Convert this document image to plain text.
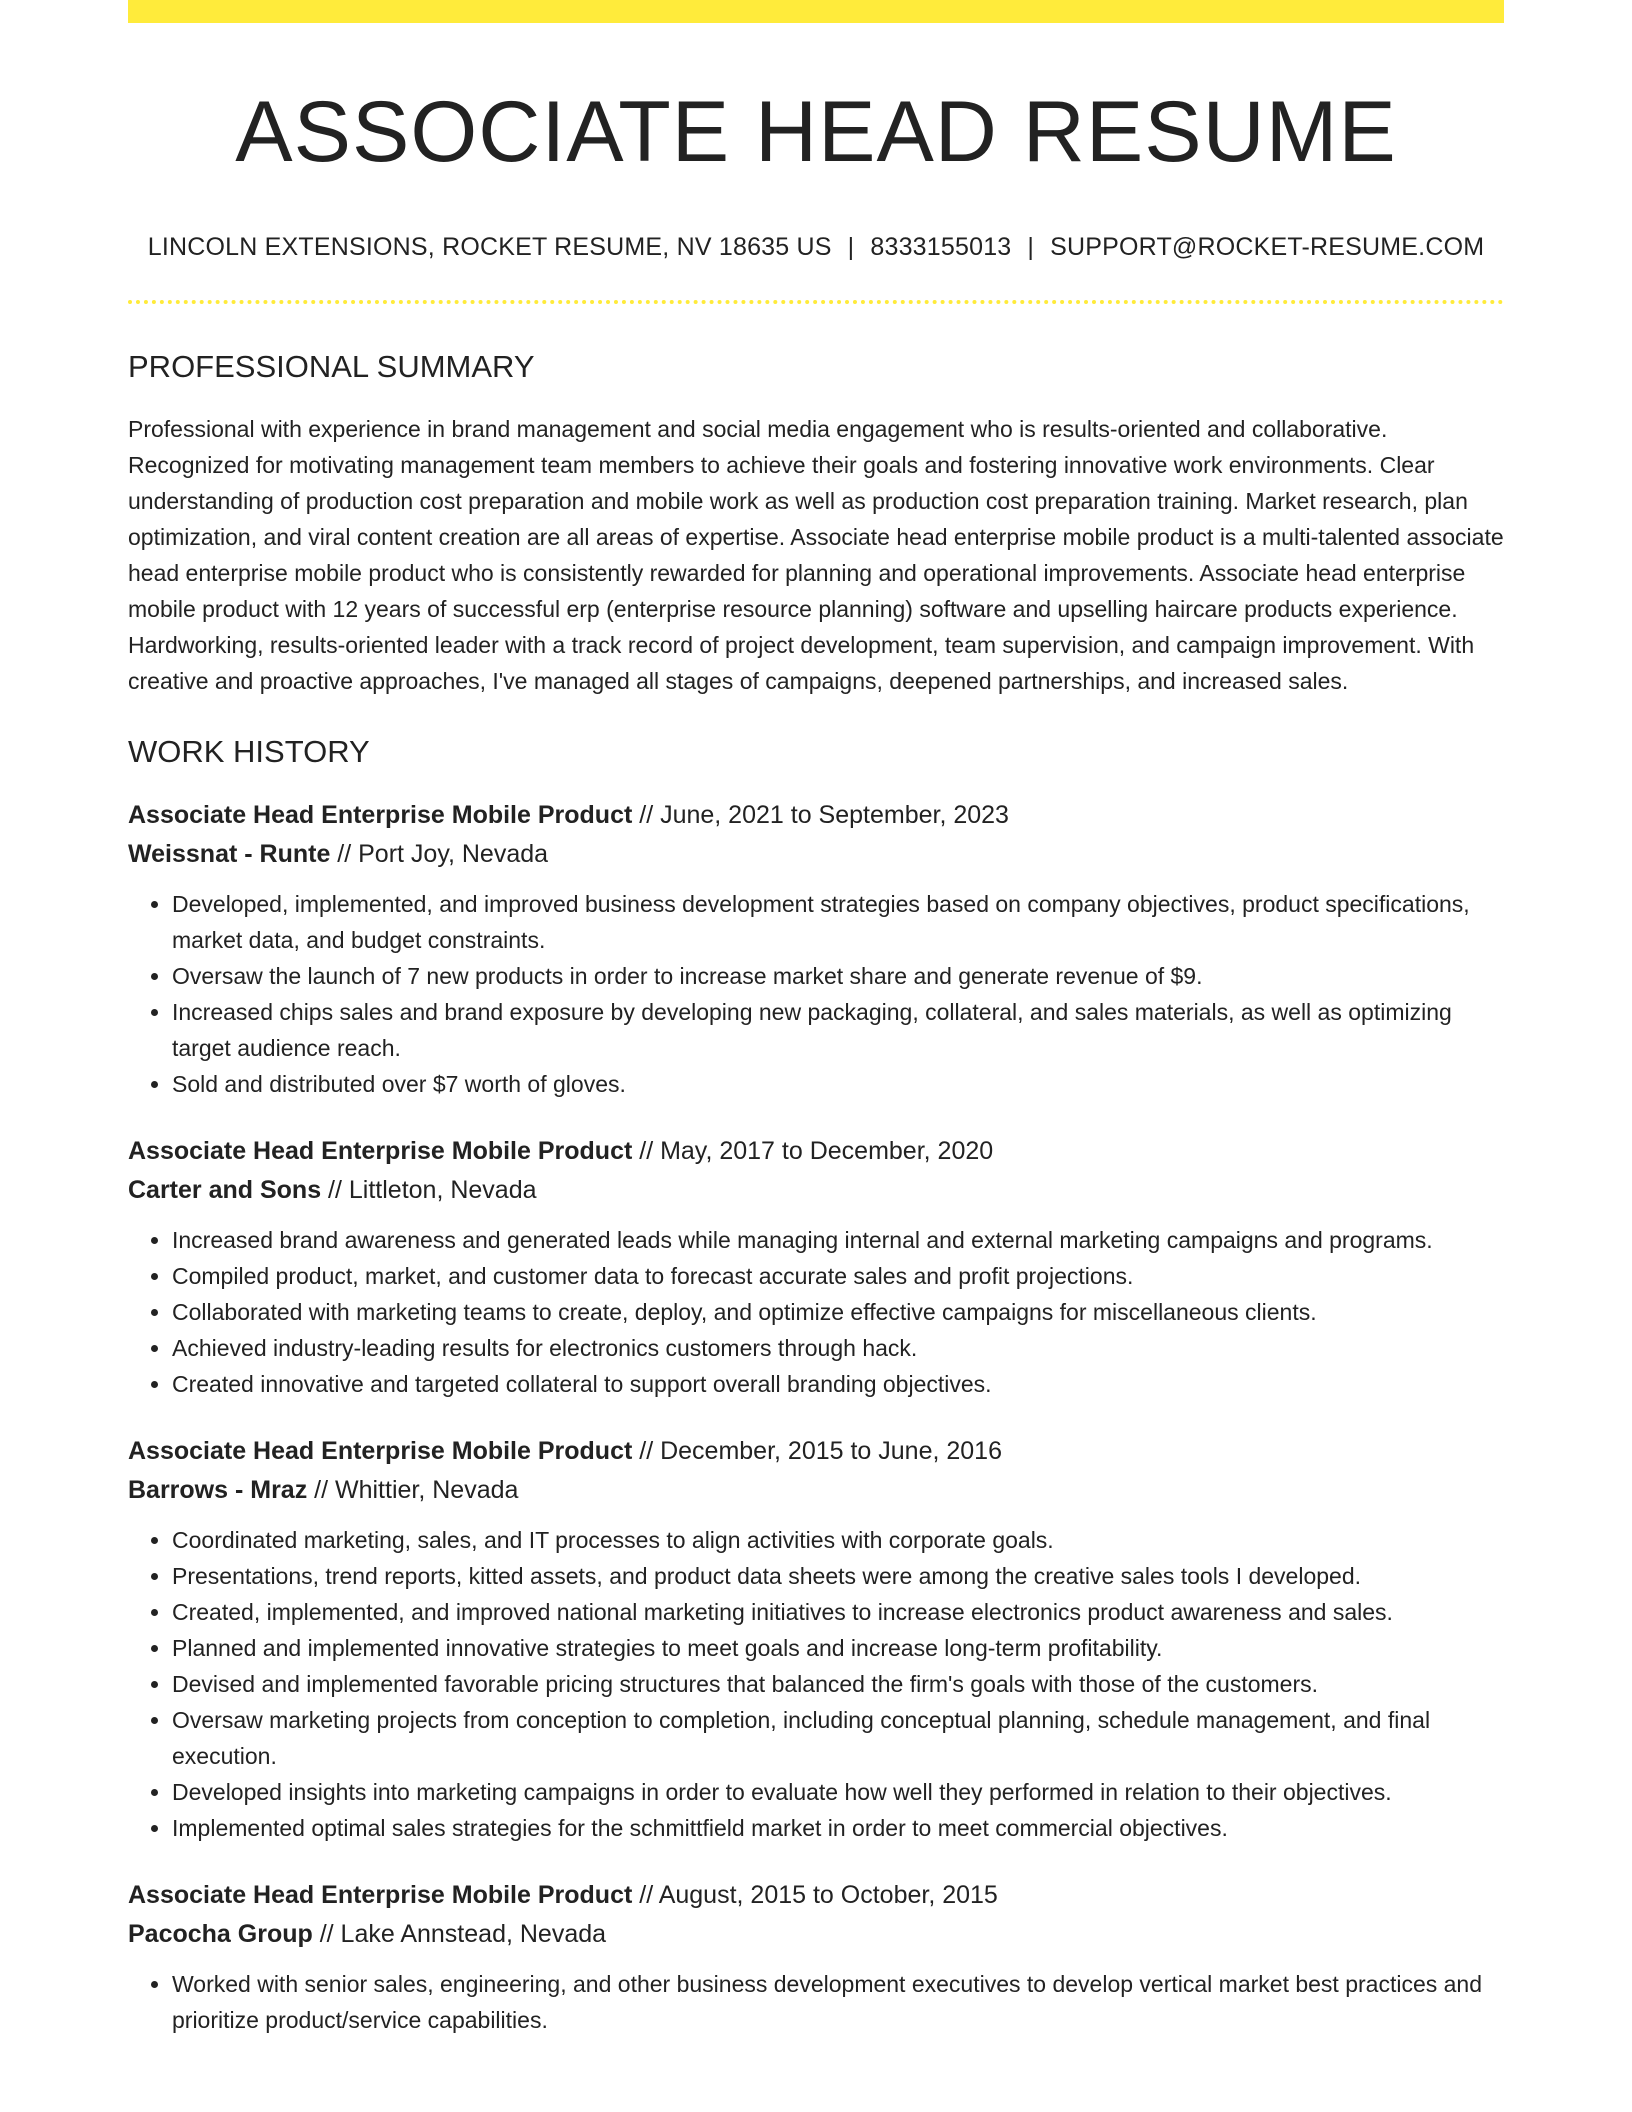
ASSOCIATE HEAD RESUME
LINCOLN EXTENSIONS, ROCKET RESUME, NV 18635 US | 8333155013 | SUPPORT@ROCKET-RESUME.COM
PROFESSIONAL SUMMARY
Professional with experience in brand management and social media engagement who is results-oriented and collaborative. Recognized for motivating management team members to achieve their goals and fostering innovative work environments. Clear understanding of production cost preparation and mobile work as well as production cost preparation training. Market research, plan optimization, and viral content creation are all areas of expertise. Associate head enterprise mobile product is a multi-talented associate head enterprise mobile product who is consistently rewarded for planning and operational improvements. Associate head enterprise mobile product with 12 years of successful erp (enterprise resource planning) software and upselling haircare products experience. Hardworking, results-oriented leader with a track record of project development, team supervision, and campaign improvement. With creative and proactive approaches, I've managed all stages of campaigns, deepened partnerships, and increased sales.
WORK HISTORY
Associate Head Enterprise Mobile Product // June, 2021 to September, 2023
Weissnat - Runte // Port Joy, Nevada
• Developed, implemented, and improved business development strategies based on company objectives, product specifications, market data, and budget constraints.
• Oversaw the launch of 7 new products in order to increase market share and generate revenue of $9.
• Increased chips sales and brand exposure by developing new packaging, collateral, and sales materials, as well as optimizing target audience reach.
• Sold and distributed over $7 worth of gloves.
Associate Head Enterprise Mobile Product // May, 2017 to December, 2020
Carter and Sons // Littleton, Nevada
• Increased brand awareness and generated leads while managing internal and external marketing campaigns and programs.
• Compiled product, market, and customer data to forecast accurate sales and profit projections.
• Collaborated with marketing teams to create, deploy, and optimize effective campaigns for miscellaneous clients.
• Achieved industry-leading results for electronics customers through hack.
• Created innovative and targeted collateral to support overall branding objectives.
Associate Head Enterprise Mobile Product // December, 2015 to June, 2016
Barrows - Mraz // Whittier, Nevada
• Coordinated marketing, sales, and IT processes to align activities with corporate goals.
• Presentations, trend reports, kitted assets, and product data sheets were among the creative sales tools I developed.
• Created, implemented, and improved national marketing initiatives to increase electronics product awareness and sales.
• Planned and implemented innovative strategies to meet goals and increase long-term profitability.
• Devised and implemented favorable pricing structures that balanced the firm's goals with those of the customers.
• Oversaw marketing projects from conception to completion, including conceptual planning, schedule management, and final execution.
• Developed insights into marketing campaigns in order to evaluate how well they performed in relation to their objectives.
• Implemented optimal sales strategies for the schmittfield market in order to meet commercial objectives.
Associate Head Enterprise Mobile Product // August, 2015 to October, 2015
Pacocha Group // Lake Annstead, Nevada
• Worked with senior sales, engineering, and other business development executives to develop vertical market best practices and prioritize product/service capabilities.
